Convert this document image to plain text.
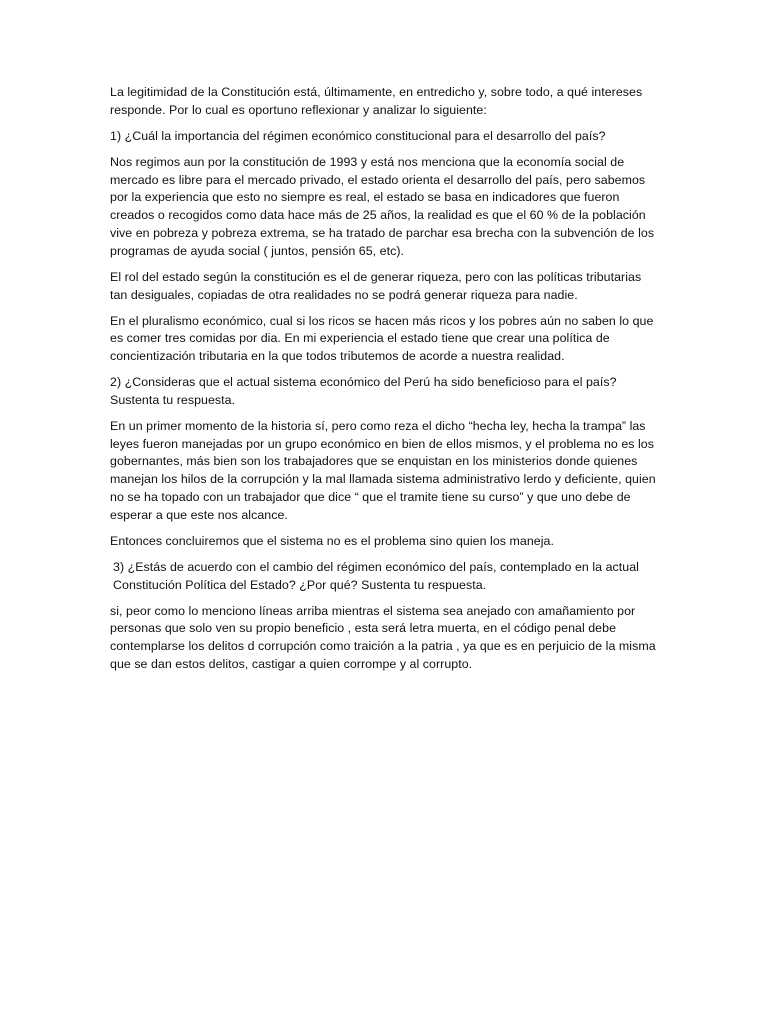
La legitimidad de la Constitución está, últimamente, en entredicho y, sobre todo, a qué intereses responde. Por lo cual es oportuno reflexionar y analizar lo siguiente:

1) ¿Cuál la importancia del régimen económico constitucional para el desarrollo del país?

Nos regimos aun por la constitución de 1993 y está nos menciona que la economía social de mercado es libre para el mercado privado, el estado orienta el desarrollo del país, pero sabemos por la experiencia que esto no siempre es real, el estado se basa en indicadores que fueron creados o recogidos como data hace más de 25 años, la realidad es que el 60 % de la población vive en pobreza y pobreza extrema, se ha tratado de parchar esa brecha con la subvención de los programas de ayuda social ( juntos, pensión 65, etc).

El rol del estado según la constitución es el de generar riqueza, pero con las políticas tributarias tan desiguales, copiadas de otra realidades no se podrá generar riqueza para nadie.

En el pluralismo económico, cual si los ricos se hacen más ricos y los pobres aún no saben lo que es comer tres comidas por dia. En mi experiencia el estado tiene que crear una política de concientización tributaria en la que todos tributemos de acorde a nuestra realidad.

2) ¿Consideras que el actual sistema económico del Perú ha sido beneficioso para el país? Sustenta tu respuesta.

En un primer momento de la historia sí, pero como reza el dicho “hecha ley, hecha la trampa” las leyes fueron manejadas por un grupo económico en bien de ellos mismos, y el problema no es los gobernantes, más bien son los trabajadores que se enquistan en los ministerios donde quienes manejan los hilos de la corrupción y la mal llamada sistema administrativo lerdo y deficiente, quien no se ha topado con un trabajador que dice “ que el tramite tiene su curso” y que uno debe de esperar a que este nos alcance.

Entonces concluiremos que el sistema no es el problema sino quien los maneja.

3) ¿Estás de acuerdo con el cambio del régimen económico del país, contemplado en la actual Constitución Política del Estado? ¿Por qué? Sustenta tu respuesta.

si, peor como lo menciono líneas arriba mientras el sistema sea anejado con amañamiento por personas que solo ven su propio beneficio , esta será letra muerta, en el código penal debe contemplarse los delitos d corrupción como traición a la patria , ya que es en perjuicio de la misma que se dan estos delitos, castigar a quien corrompe y al corrupto.
